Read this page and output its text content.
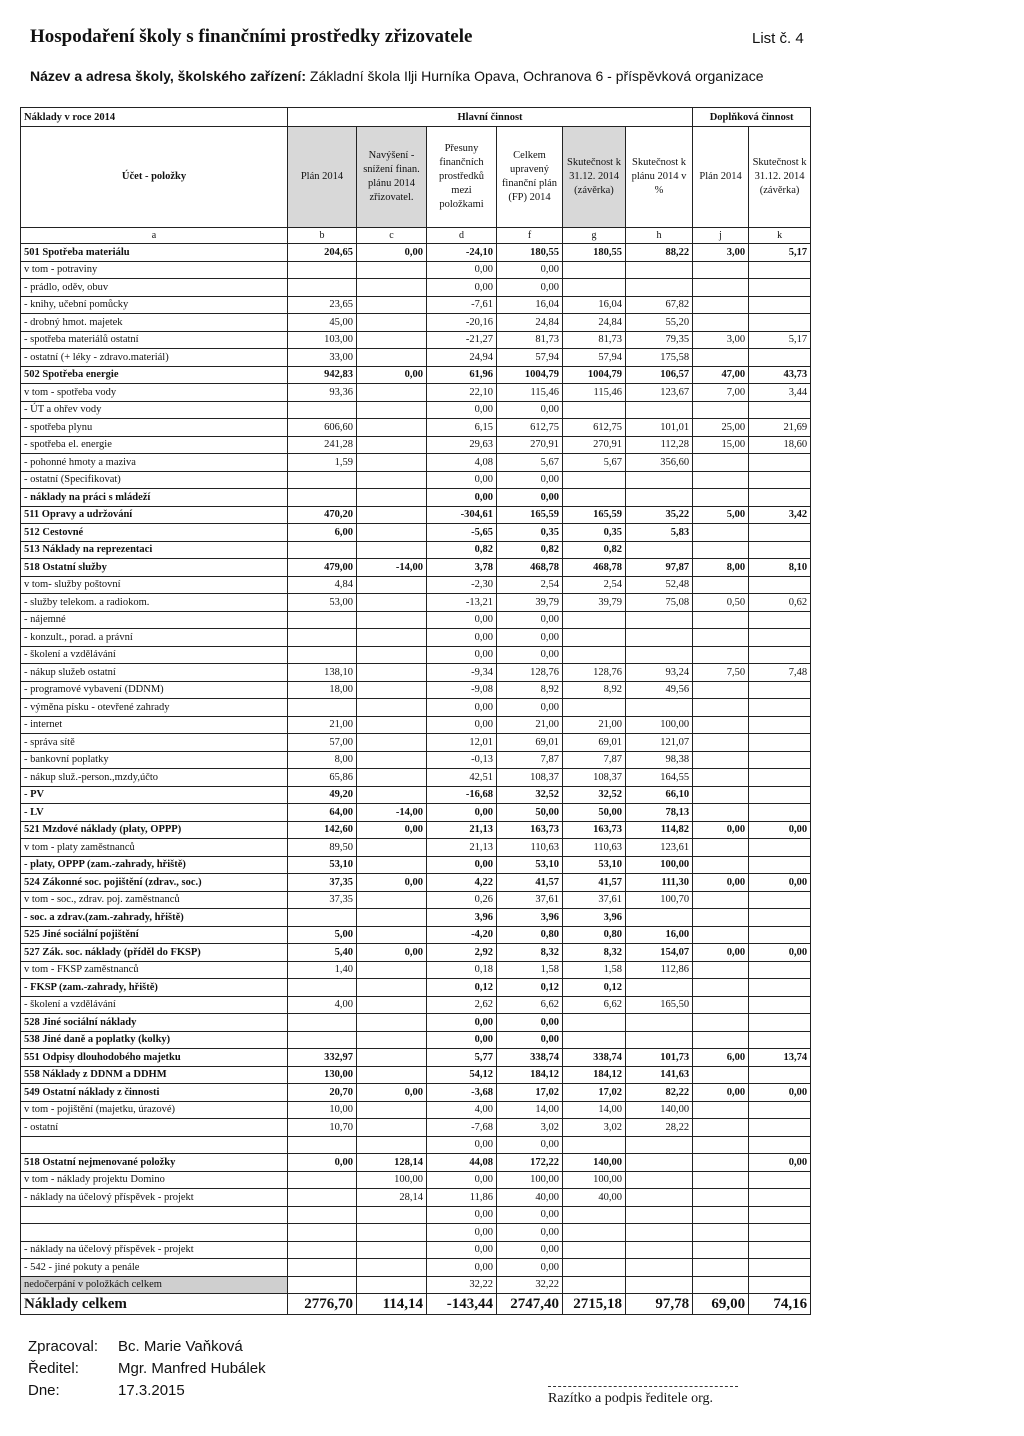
Hospodaření školy s finančními prostředky zřizovatele	List č. 4
Název a adresa školy, školského zařízení: Základní škola Ilji Hurníka Opava, Ochranova 6 - příspěvková organizace
Náklady v roce 2014	Hlavní činnost						Doplňková činnost	
Účet - položky	Plán 2014	Navýšení - snížení finan. plánu 2014 zřizovatel.	Přesuny finančních prostředků mezi položkami	Celkem upravený finanční plán (FP) 2014	Skutečnost k 31.12. 2014 (závěrka)	Skutečnost k plánu 2014 v %	Plán 2014	Skutečnost k 31.12. 2014 (závěrka)
a	b	c	d	f	g	h	j	k
501 Spotřeba materiálu	204,65	0,00	-24,10	180,55	180,55	88,22	3,00	5,17
v tom - potraviny			0,00	0,00				
- prádlo, oděv, obuv			0,00	0,00				
- knihy, učební pomůcky	23,65		-7,61	16,04	16,04	67,82		
- drobný hmot. majetek	45,00		-20,16	24,84	24,84	55,20		
- spotřeba materiálů ostatní	103,00		-21,27	81,73	81,73	79,35	3,00	5,17
- ostatní (+ léky - zdravo.materiál)	33,00		24,94	57,94	57,94	175,58		
502 Spotřeba energie	942,83	0,00	61,96	1004,79	1004,79	106,57	47,00	43,73
v tom - spotřeba vody	93,36		22,10	115,46	115,46	123,67	7,00	3,44
- ÚT a ohřev vody			0,00	0,00				
- spotřeba plynu	606,60		6,15	612,75	612,75	101,01	25,00	21,69
- spotřeba el. energie	241,28		29,63	270,91	270,91	112,28	15,00	18,60
- pohonné hmoty a maziva	1,59		4,08	5,67	5,67	356,60		
- ostatní (Specifikovat)			0,00	0,00				
- náklady na práci s mládeží			0,00	0,00				
511 Opravy a udržování	470,20		-304,61	165,59	165,59	35,22	5,00	3,42
512 Cestovné	6,00		-5,65	0,35	0,35	5,83		
513 Náklady na reprezentaci			0,82	0,82	0,82			
518 Ostatní služby	479,00	-14,00	3,78	468,78	468,78	97,87	8,00	8,10
v tom- služby poštovní	4,84		-2,30	2,54	2,54	52,48		
- služby telekom. a radiokom.	53,00		-13,21	39,79	39,79	75,08	0,50	0,62
- nájemné			0,00	0,00				
- konzult., porad. a právní			0,00	0,00				
- školení a vzdělávání			0,00	0,00				
- nákup služeb ostatní	138,10		-9,34	128,76	128,76	93,24	7,50	7,48
- programové vybavení (DDNM)	18,00		-9,08	8,92	8,92	49,56		
- výměna písku - otevřené zahrady			0,00	0,00				
- internet	21,00		0,00	21,00	21,00	100,00		
- správa sítě	57,00		12,01	69,01	69,01	121,07		
- bankovní poplatky	8,00		-0,13	7,87	7,87	98,38		
- nákup služ.-person.,mzdy,účto	65,86		42,51	108,37	108,37	164,55		
- PV	49,20		-16,68	32,52	32,52	66,10		
- LV	64,00	-14,00	0,00	50,00	50,00	78,13		
521 Mzdové náklady (platy, OPPP)	142,60	0,00	21,13	163,73	163,73	114,82	0,00	0,00
v tom - platy zaměstnanců	89,50		21,13	110,63	110,63	123,61		
- platy, OPPP (zam.-zahrady, hřiště)	53,10		0,00	53,10	53,10	100,00		
524 Zákonné soc. pojištění (zdrav., soc.)	37,35	0,00	4,22	41,57	41,57	111,30	0,00	0,00
v tom - soc., zdrav. poj. zaměstnanců	37,35		0,26	37,61	37,61	100,70		
- soc. a zdrav.(zam.-zahrady, hřiště)			3,96	3,96	3,96			
525 Jiné sociální pojištění	5,00		-4,20	0,80	0,80	16,00		
527 Zák. soc. náklady (příděl do FKSP)	5,40	0,00	2,92	8,32	8,32	154,07	0,00	0,00
v tom - FKSP zaměstnanců	1,40		0,18	1,58	1,58	112,86		
- FKSP (zam.-zahrady, hřiště)			0,12	0,12	0,12			
- školení a vzdělávání	4,00		2,62	6,62	6,62	165,50		
528 Jiné sociální náklady			0,00	0,00				
538 Jiné daně a poplatky (kolky)			0,00	0,00				
551 Odpisy dlouhodobého majetku	332,97		5,77	338,74	338,74	101,73	6,00	13,74
558 Náklady z DDNM a DDHM	130,00		54,12	184,12	184,12	141,63		
549 Ostatní náklady z činnosti	20,70	0,00	-3,68	17,02	17,02	82,22	0,00	0,00
v tom - pojištění (majetku, úrazové)	10,00		4,00	14,00	14,00	140,00		
- ostatní	10,70		-7,68	3,02	3,02	28,22		
			0,00	0,00				
518 Ostatní nejmenované položky	0,00	128,14	44,08	172,22	140,00			0,00
v tom - náklady projektu Domino		100,00	0,00	100,00	100,00			
- náklady na účelový příspěvek - projekt		28,14	11,86	40,00	40,00			
			0,00	0,00				
			0,00	0,00				
- náklady na účelový příspěvek - projekt			0,00	0,00				
- 542 - jiné pokuty a penále			0,00	0,00				
nedočerpání v položkách celkem			32,22	32,22				
Náklady celkem	2776,70	114,14	-143,44	2747,40	2715,18	97,78	69,00	74,16
Zpracoval: Bc. Marie Vaňková
Ředitel:	Mgr. Manfred Hubálek
Dne:	17.3.2015	Razítko a podpis ředitele org.
